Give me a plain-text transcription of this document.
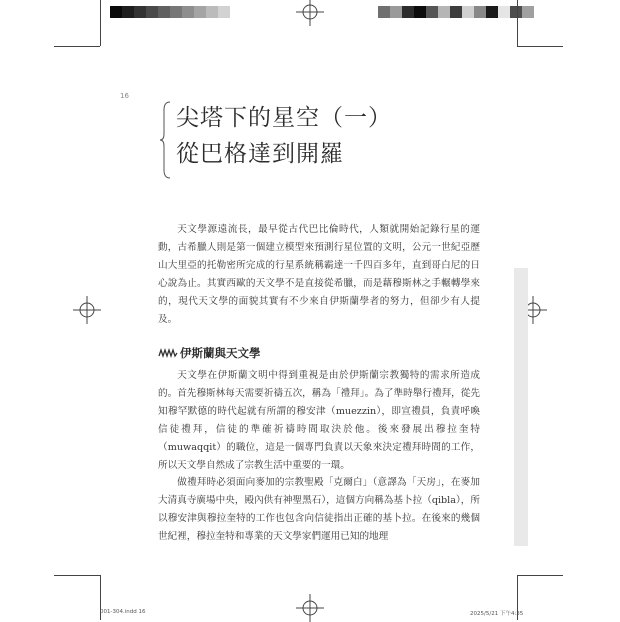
16
尖塔下的星空（一）
從巴格達到開羅
天文學源遠流長，最早從古代巴比倫時代，人類就開始記錄行星的運動，古希臘人則是第一個建立模型來預測行星位置的文明，公元一世紀亞歷山大里亞的托勒密所完成的行星系統稱霸達一千四百多年，直到哥白尼的日心說為止。其實西歐的天文學不是直接從希臘，而是藉穆斯林之手輾轉學來的，現代天文學的面貌其實有不少來自伊斯蘭學者的努力，但卻少有人提及。
伊斯蘭與天文學
天文學在伊斯蘭文明中得到重視是由於伊斯蘭宗教獨特的需求所造成的。首先穆斯林每天需要祈禱五次，稱為「禮拜」。為了準時舉行禮拜，從先知穆罕默德的時代起就有所謂的穆安津（muezzin），即宣禮員，負責呼喚信徒禮拜，信徒的準確祈禱時間取決於他。後來發展出穆拉奎特（muwaqqit）的職位，這是一個專門負責以天象來決定禮拜時間的工作，所以天文學自然成了宗教生活中重要的一環。
做禮拜時必須面向麥加的宗教聖殿「克爾白」（意譯為「天房」，在麥加大清真寺廣場中央，殿內供有神聖黑石），這個方向稱為基卜拉（qibla），所以穆安津與穆拉奎特的工作也包含向信徒指出正確的基卜拉。在後來的幾個世紀裡，穆拉奎特和專業的天文學家們運用已知的地理
001-304.indd 16	2025/5/21 下午4:35
